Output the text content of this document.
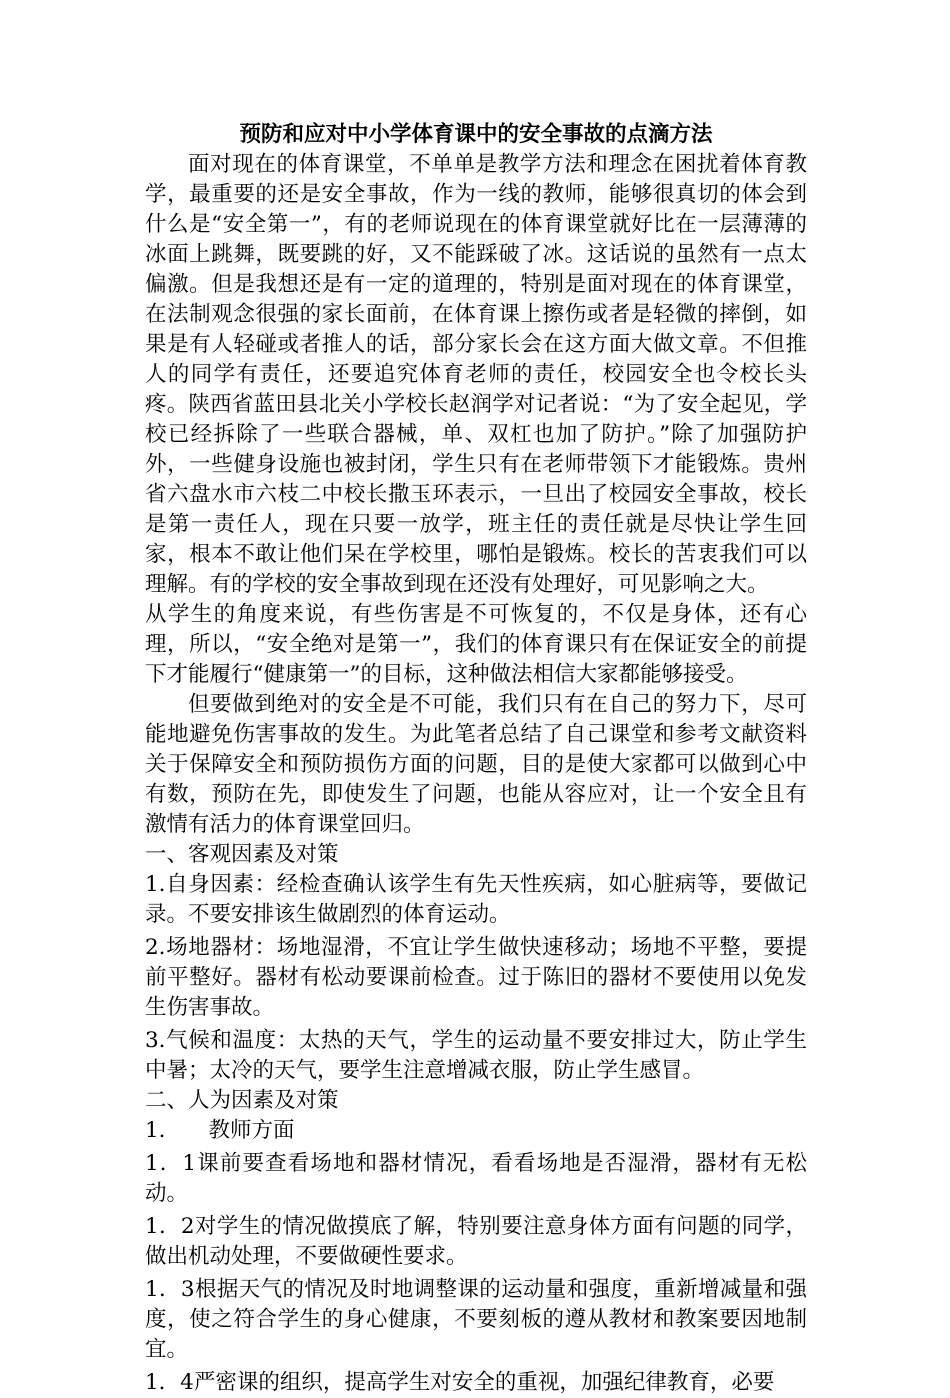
预防和应对中小学体育课中的安全事故的点滴方法

面对现在的体育课堂，不单单是教学方法和理念在困扰着体育教学，最重要的还是安全事故，作为一线的教师，能够很真切的体会到什么是“安全第一”，有的老师说现在的体育课堂就好比在一层薄薄的冰面上跳舞，既要跳的好，又不能踩破了冰。这话说的虽然有一点太偏激。但是我想还是有一定的道理的，特别是面对现在的体育课堂，在法制观念很强的家长面前，在体育课上擦伤或者是轻微的摔倒，如果是有人轻碰或者推人的话，部分家长会在这方面大做文章。不但推人的同学有责任，还要追究体育老师的责任，校园安全也令校长头疼。陕西省蓝田县北关小学校长赵润学对记者说：“为了安全起见，学校已经拆除了一些联合器械，单、双杠也加了防护。”除了加强防护外，一些健身设施也被封闭，学生只有在老师带领下才能锻炼。贵州省六盘水市六枝二中校长撒玉环表示，一旦出了校园安全事故，校长是第一责任人，现在只要一放学，班主任的责任就是尽快让学生回家，根本不敢让他们呆在学校里，哪怕是锻炼。校长的苦衷我们可以理解。有的学校的安全事故到现在还没有处理好，可见影响之大。

从学生的角度来说，有些伤害是不可恢复的，不仅是身体，还有心理，所以，“安全绝对是第一”，我们的体育课只有在保证安全的前提下才能履行“健康第一”的目标，这种做法相信大家都能够接受。

但要做到绝对的安全是不可能，我们只有在自己的努力下，尽可能地避免伤害事故的发生。为此笔者总结了自己课堂和参考文献资料关于保障安全和预防损伤方面的问题，目的是使大家都可以做到心中有数，预防在先，即使发生了问题，也能从容应对，让一个安全且有激情有活力的体育课堂回归。

一、客观因素及对策

1.自身因素：经检查确认该学生有先天性疾病，如心脏病等，要做记录。不要安排该生做剧烈的体育运动。

2.场地器材：场地湿滑，不宜让学生做快速移动；场地不平整，要提前平整好。器材有松动要课前检查。过于陈旧的器材不要使用以免发生伤害事故。

3.气候和温度：太热的天气，学生的运动量不要安排过大，防止学生中暑；太冷的天气，要学生注意增减衣服，防止学生感冒。

二、人为因素及对策

1.　　教师方面

1．1课前要查看场地和器材情况，看看场地是否湿滑，器材有无松动。

1．2对学生的情况做摸底了解，特别要注意身体方面有问题的同学，做出机动处理，不要做硬性要求。

1．3根据天气的情况及时地调整课的运动量和强度，重新增减量和强度，使之符合学生的身心健康，不要刻板的遵从教材和教案要因地制宜。

1．4严密课的组织，提高学生对安全的重视，加强纪律教育，必要
